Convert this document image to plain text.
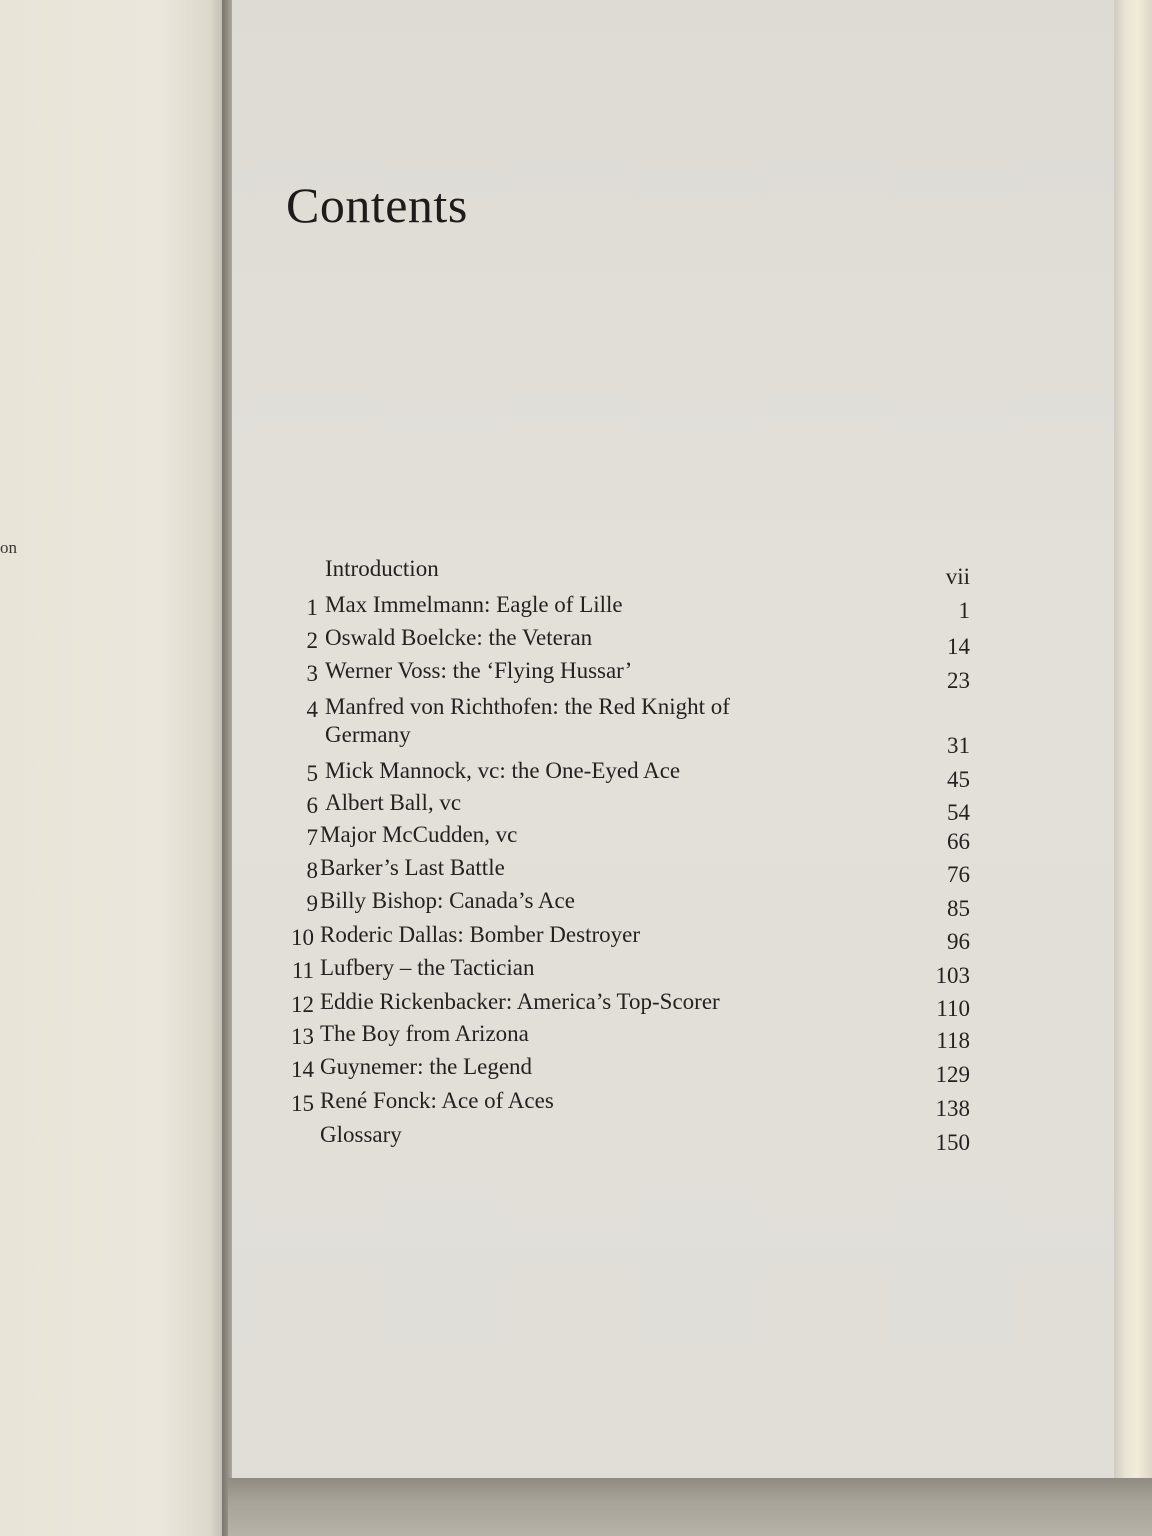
on
Contents
Introduction	vii
1 Max Immelmann: Eagle of Lille	1
2 Oswald Boelcke: the Veteran	14
3 Werner Voss: the ‘Flying Hussar’	23
4 Manfred von Richthofen: the Red Knight of
Germany	31
5 Mick Mannock, vc: the One-Eyed Ace	45
6 Albert Ball, vc	54
7 Major McCudden, vc	66
8 Barker’s Last Battle	76
9 Billy Bishop: Canada’s Ace	85
10 Roderic Dallas: Bomber Destroyer	96
11 Lufbery – the Tactician	103
12 Eddie Rickenbacker: America’s Top-Scorer	110
13 The Boy from Arizona	118
14 Guynemer: the Legend	129
15 René Fonck: Ace of Aces	138
Glossary	150
